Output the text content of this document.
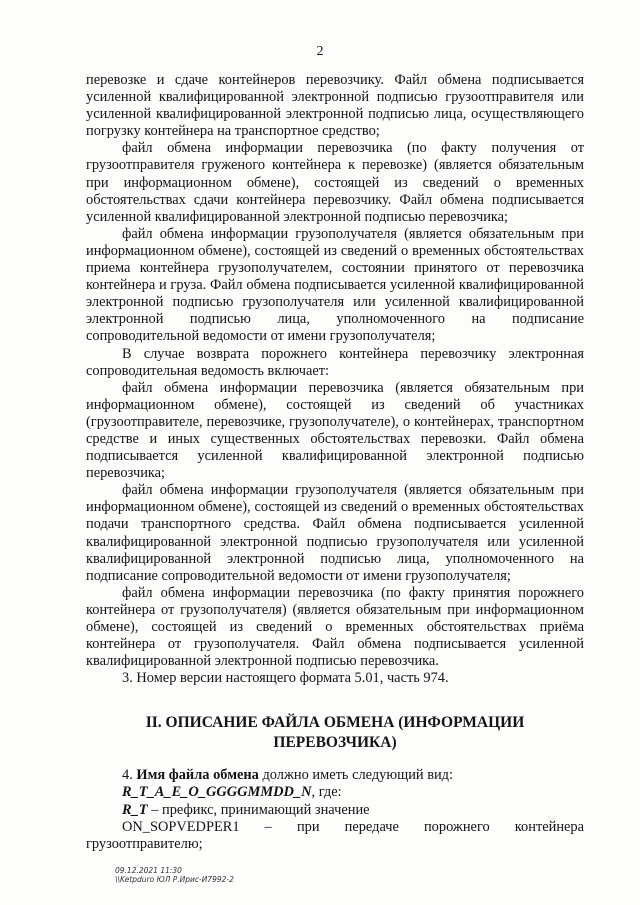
2

перевозке и сдаче контейнеров перевозчику. Файл обмена подписывается усиленной квалифицированной электронной подписью грузоотправителя или усиленной квалифицированной электронной подписью лица, осуществляющего погрузку контейнера на транспортное средство;

файл обмена информации перевозчика (по факту получения от грузоотправителя груженого контейнера к перевозке) (является обязательным при информационном обмене), состоящей из сведений о временных обстоятельствах сдачи контейнера перевозчику. Файл обмена подписывается усиленной квалифицированной электронной подписью перевозчика;

файл обмена информации грузополучателя (является обязательным при информационном обмене), состоящей из сведений о временных обстоятельствах приема контейнера грузополучателем, состоянии принятого от перевозчика контейнера и груза. Файл обмена подписывается усиленной квалифицированной электронной подписью грузополучателя или усиленной квалифицированной электронной подписью лица, уполномоченного на подписание сопроводительной ведомости от имени грузополучателя;

В случае возврата порожнего контейнера перевозчику электронная сопроводительная ведомость включает:

файл обмена информации перевозчика (является обязательным при информационном обмене), состоящей из сведений об участниках (грузоотправителе, перевозчике, грузополучателе), о контейнерах, транспортном средстве и иных существенных обстоятельствах перевозки. Файл обмена подписывается усиленной квалифицированной электронной подписью перевозчика;

файл обмена информации грузополучателя (является обязательным при информационном обмене), состоящей из сведений о временных обстоятельствах подачи транспортного средства. Файл обмена подписывается усиленной квалифицированной электронной подписью грузополучателя или усиленной квалифицированной электронной подписью лица, уполномоченного на подписание сопроводительной ведомости от имени грузополучателя;

файл обмена информации перевозчика (по факту принятия порожнего контейнера от грузополучателя) (является обязательным при информационном обмене), состоящей из сведений о временных обстоятельствах приёма контейнера от грузополучателя. Файл обмена подписывается усиленной квалифицированной электронной подписью перевозчика.

3. Номер версии настоящего формата 5.01, часть 974.

II. ОПИСАНИЕ ФАЙЛА ОБМЕНА (ИНФОРМАЦИИ ПЕРЕВОЗЧИКА)

4. Имя файла обмена должно иметь следующий вид:

R_T_A_E_O_GGGGMMDD_N, где:

R_T – префикс, принимающий значение

ON_SOPVEDPER1 – при передаче порожнего контейнера

грузоотправителю;

09.12.2021 11:30
\\Ketpduro ЮЛ Р.Ирис-И7992-2
